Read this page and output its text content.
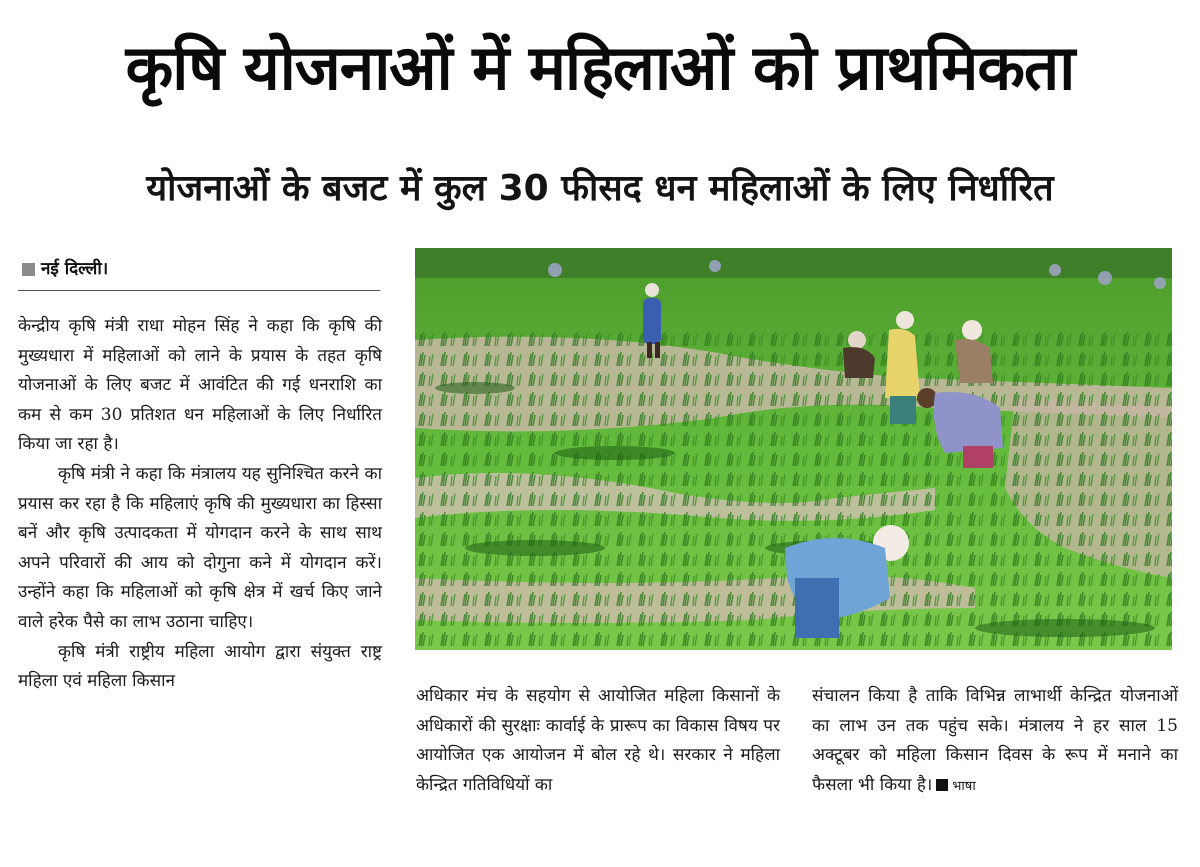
कृषि योजनाओं में महिलाओं को प्राथमिकता
योजनाओं के बजट में कुल 30 फीसद धन महिलाओं के लिए निर्धारित
नई दिल्ली।

केन्द्रीय कृषि मंत्री राधा मोहन सिंह ने कहा कि कृषि की मुख्यधारा में महिलाओं को लाने के प्रयास के तहत कृषि योजनाओं के लिए बजट में आवंटित की गई धनराशि का कम से कम 30 प्रतिशत धन महिलाओं के लिए निर्धारित किया जा रहा है।

कृषि मंत्री ने कहा कि मंत्रालय यह सुनिश्चित करने का प्रयास कर रहा है कि महिलाएं कृषि की मुख्यधारा का हिस्सा बनें और कृषि उत्पादकता में योगदान करने के साथ साथ अपने परिवारों की आय को दोगुना कने में योगदान करें। उन्होंने कहा कि महिलाओं को कृषि क्षेत्र में खर्च किए जाने वाले हरेक पैसे का लाभ उठाना चाहिए।

कृषि मंत्री राष्ट्रीय महिला आयोग द्वारा संयुक्त राष्ट्र महिला एवं महिला किसान

अधिकार मंच के सहयोग से आयोजित महिला किसानों के अधिकारों की सुरक्षाः कार्वाई के प्रारूप का विकास विषय पर आयोजित एक आयोजन में बोल रहे थे। सरकार ने महिला केन्द्रित गतिविधियों का

संचालन किया है ताकि विभिन्न लाभार्थी केन्द्रित योजनाओं का लाभ उन तक पहुंच सके। मंत्रालय ने हर साल 15 अक्टूबर को महिला किसान दिवस के रूप में मनाने का फैसला भी किया है। भाषा
